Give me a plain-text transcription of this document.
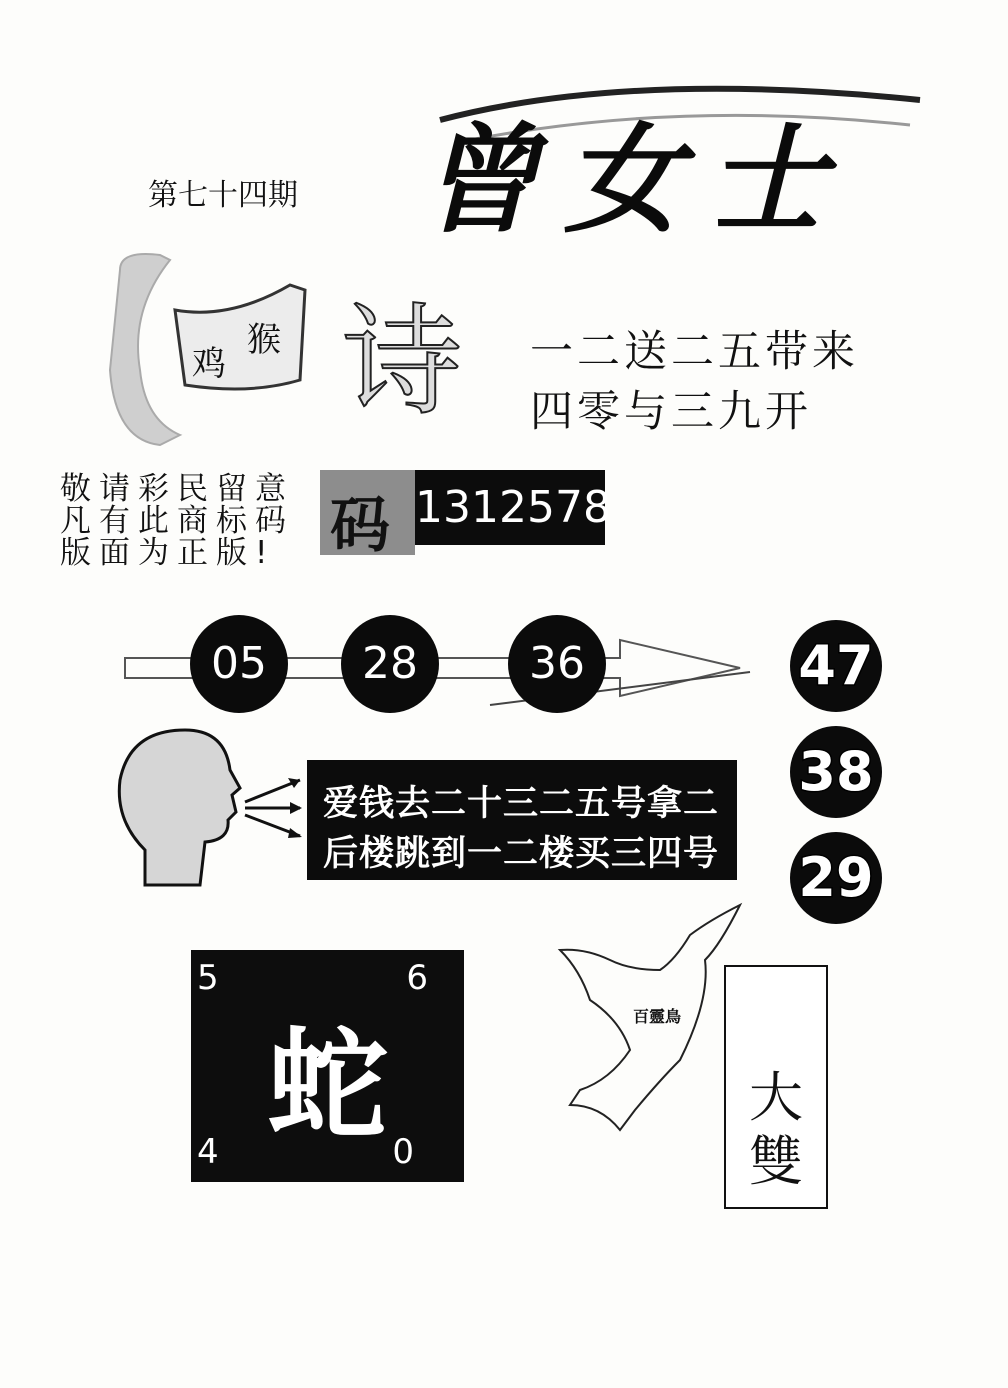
第七十四期 曾女士
猴
鸡 诗 一二送二五带来
四零与三九开
敬请彩民留意
凡有此商标码
版面为正版! 码 1312578
05	28	36	47
38
29
爱钱去二十三二五号拿二
后楼跳到一二楼买三四号
5	6
蛇
4	0
百靈鳥
大
雙
